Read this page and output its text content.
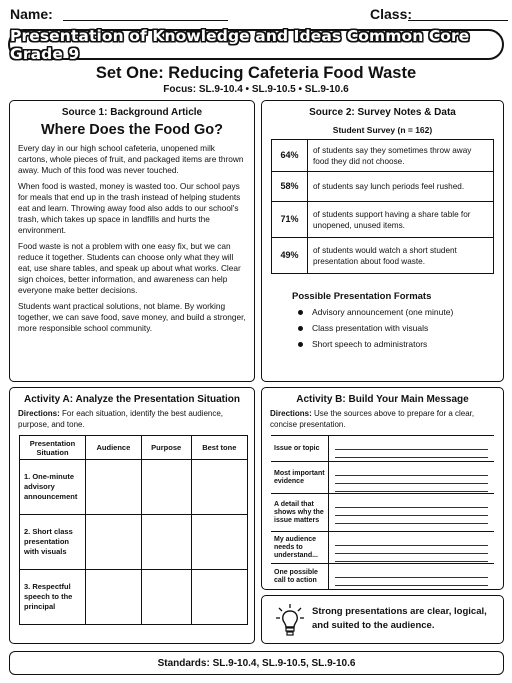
Name:	Class:
Presentation of Knowledge and Ideas Common Core Grade 9
Set One: Reducing Cafeteria Food Waste
Focus: SL.9-10.4 • SL.9-10.5 • SL.9-10.6
Source 1: Background Article
Where Does the Food Go?

Every day in our high school cafeteria, unopened milk cartons, whole pieces of fruit, and packaged items are thrown away. Much of this food was never touched.

When food is wasted, money is wasted too. Our school pays for meals that end up in the trash instead of helping students eat and learn. Throwing away food also adds to our school's trash, which takes up space in landfills and hurts the environment.

Food waste is not a problem with one easy fix, but we can reduce it together. Students can choose only what they will eat, use share tables, and speak up about what works. Clear sign choices, better information, and awareness can help everyone make better decisions.

Students want practical solutions, not blame. By working together, we can save food, save money, and build a stronger, more responsible school community.

Source 2: Survey Notes & Data
Student Survey (n = 162)
64%	of students say they sometimes throw away food they did not choose.
58%	of students say lunch periods feel rushed.
71%	of students support having a share table for unopened, unused items.
49%	of students would watch a short student presentation about food waste.
Possible Presentation Formats
Advisory announcement (one minute)
Class presentation with visuals
Short speech to administrators
Activity A: Analyze the Presentation Situation
Directions: For each situation, identify the best audience, purpose, and tone.
Presentation Situation	Audience	Purpose	Best tone
1. One-minute advisory announcement			
2. Short class presentation with visuals			
3. Respectful speech to the principal			
Activity B: Build Your Main Message
Directions: Use the sources above to prepare for a clear, concise presentation.
Issue or topic
Most important evidence
A detail that shows why the issue matters
My audience needs to understand...
One possible call to action
Strong presentations are clear, logical, and suited to the audience.
Standards: SL.9-10.4, SL.9-10.5, SL.9-10.6
